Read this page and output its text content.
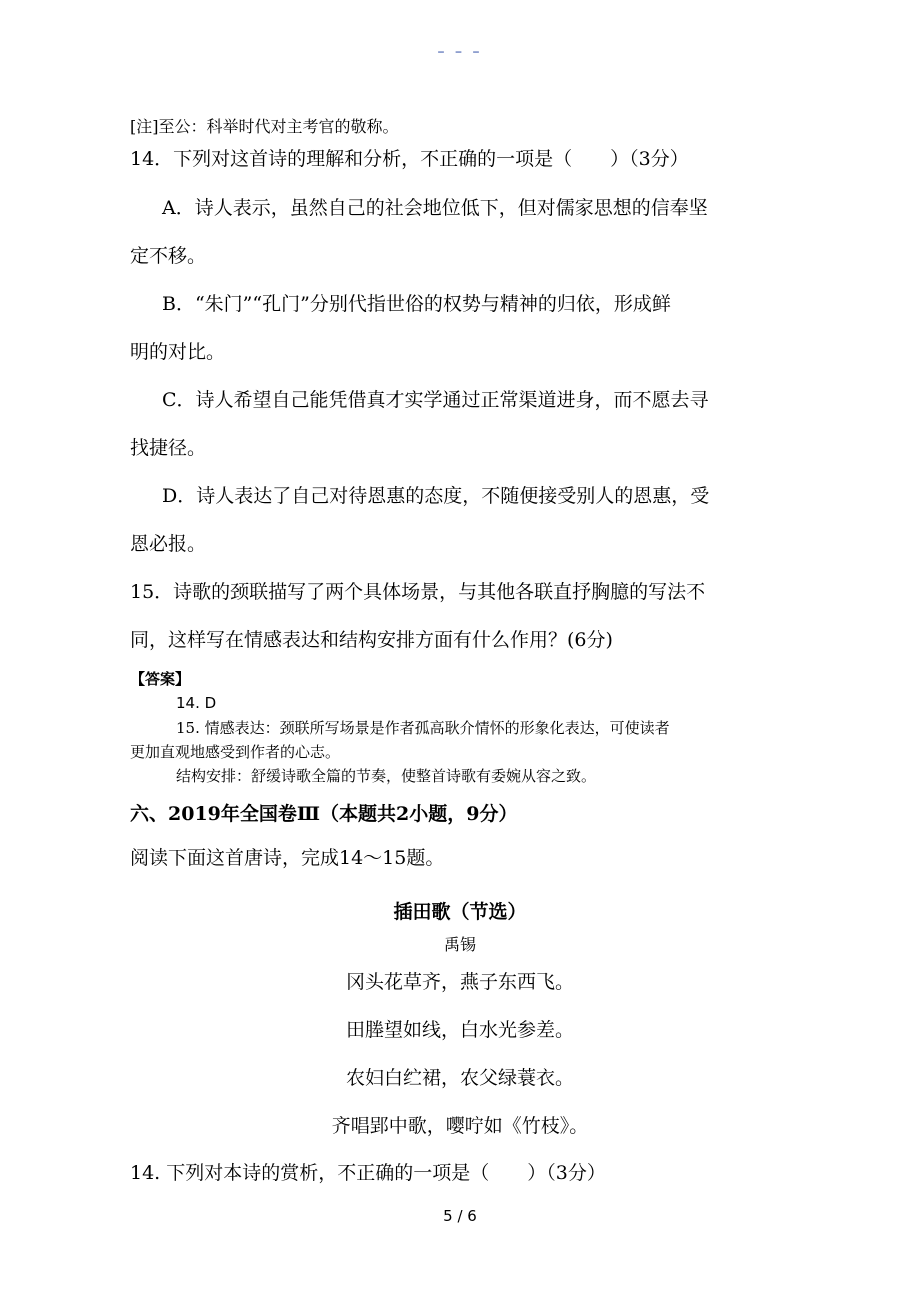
– – –
[注]至公：科举时代对主考官的敬称。
14．下列对这首诗的理解和分析，不正确的一项是（　　）（3分）
A．诗人表示，虽然自己的社会地位低下，但对儒家思想的信奉坚
定不移。
B．“朱门”“孔门”分别代指世俗的权势与精神的归依，形成鲜
明的对比。
C．诗人希望自己能凭借真才实学通过正常渠道进身，而不愿去寻
找捷径。
D．诗人表达了自己对待恩惠的态度，不随便接受别人的恩惠，受
恩必报。
15．诗歌的颈联描写了两个具体场景，与其他各联直抒胸臆的写法不
同，这样写在情感表达和结构安排方面有什么作用？(6分)
【答案】
14. D
15. 情感表达：颈联所写场景是作者孤高耿介情怀的形象化表达，可使读者
更加直观地感受到作者的心志。
结构安排：舒缓诗歌全篇的节奏，使整首诗歌有委婉从容之致。
六、2019年全国卷Ⅲ（本题共2小题，9分）
阅读下面这首唐诗，完成14～15题。
插田歌（节选）
禹锡
冈头花草齐，燕子东西飞。
田塍望如线，白水光参差。
农妇白纻裙，农父绿蓑衣。
齐唱郢中歌，嘤咛如《竹枝》。
14. 下列对本诗的赏析，不正确的一项是（　　）（3分）
5 / 6
